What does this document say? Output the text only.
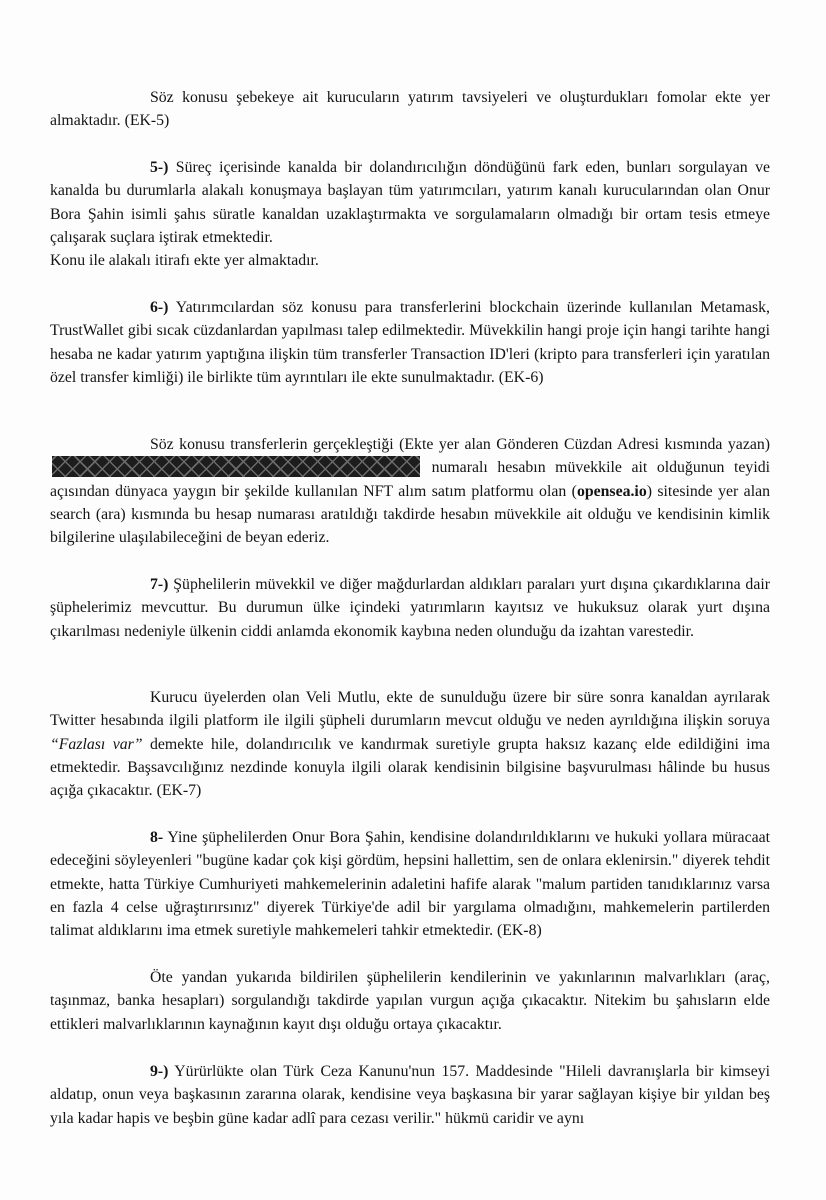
Söz konusu şebekeye ait kurucuların yatırım tavsiyeleri ve oluşturdukları fomolar ekte yer almaktadır. (EK-5)

5-) Süreç içerisinde kanalda bir dolandırıcılığın döndüğünü fark eden, bunları sorgulayan ve kanalda bu durumlarla alakalı konuşmaya başlayan tüm yatırımcıları, yatırım kanalı kurucularından olan Onur Bora Şahin isimli şahıs süratle kanaldan uzaklaştırmakta ve sorgulamaların olmadığı bir ortam tesis etmeye çalışarak suçlara iştirak etmektedir.

Konu ile alakalı itirafı ekte yer almaktadır.

6-) Yatırımcılardan söz konusu para transferlerini blockchain üzerinde kullanılan Metamask, TrustWallet gibi sıcak cüzdanlardan yapılması talep edilmektedir. Müvekkilin hangi proje için hangi tarihte hangi hesaba ne kadar yatırım yaptığına ilişkin tüm transferler Transaction ID'leri (kripto para transferleri için yaratılan özel transfer kimliği) ile birlikte tüm ayrıntıları ile ekte sunulmaktadır. (EK-6)

Söz konusu transferlerin gerçekleştiği (Ekte yer alan Gönderen Cüzdan Adresi kısmında yazan) numaralı hesabın müvekkile ait olduğunun teyidi açısından dünyaca yaygın bir şekilde kullanılan NFT alım satım platformu olan (opensea.io) sitesinde yer alan search (ara) kısmında bu hesap numarası aratıldığı takdirde hesabın müvekkile ait olduğu ve kendisinin kimlik bilgilerine ulaşılabileceğini de beyan ederiz.

7-) Şüphelilerin müvekkil ve diğer mağdurlardan aldıkları paraları yurt dışına çıkardıklarına dair şüphelerimiz mevcuttur. Bu durumun ülke içindeki yatırımların kayıtsız ve hukuksuz olarak yurt dışına çıkarılması nedeniyle ülkenin ciddi anlamda ekonomik kaybına neden olunduğu da izahtan varestedir.

Kurucu üyelerden olan Veli Mutlu, ekte de sunulduğu üzere bir süre sonra kanaldan ayrılarak Twitter hesabında ilgili platform ile ilgili şüpheli durumların mevcut olduğu ve neden ayrıldığına ilişkin soruya “Fazlası var” demekte hile, dolandırıcılık ve kandırmak suretiyle grupta haksız kazanç elde edildiğini ima etmektedir. Başsavcılığınız nezdinde konuyla ilgili olarak kendisinin bilgisine başvurulması hâlinde bu husus açığa çıkacaktır. (EK-7)

8- Yine şüphelilerden Onur Bora Şahin, kendisine dolandırıldıklarını ve hukuki yollara müracaat edeceğini söyleyenleri "bugüne kadar çok kişi gördüm, hepsini hallettim, sen de onlara eklenirsin." diyerek tehdit etmekte, hatta Türkiye Cumhuriyeti mahkemelerinin adaletini hafife alarak "malum partiden tanıdıklarınız varsa en fazla 4 celse uğraştırırsınız" diyerek Türkiye'de adil bir yargılama olmadığını, mahkemelerin partilerden talimat aldıklarını ima etmek suretiyle mahkemeleri tahkir etmektedir. (EK-8)

Öte yandan yukarıda bildirilen şüphelilerin kendilerinin ve yakınlarının malvarlıkları (araç, taşınmaz, banka hesapları) sorgulandığı takdirde yapılan vurgun açığa çıkacaktır. Nitekim bu şahısların elde ettikleri malvarlıklarının kaynağının kayıt dışı olduğu ortaya çıkacaktır.

9-) Yürürlükte olan Türk Ceza Kanunu'nun 157. Maddesinde "Hileli davranışlarla bir kimseyi aldatıp, onun veya başkasının zararına olarak, kendisine veya başkasına bir yarar sağlayan kişiye bir yıldan beş yıla kadar hapis ve beşbin güne kadar adlî para cezası verilir." hükmü caridir ve aynı
